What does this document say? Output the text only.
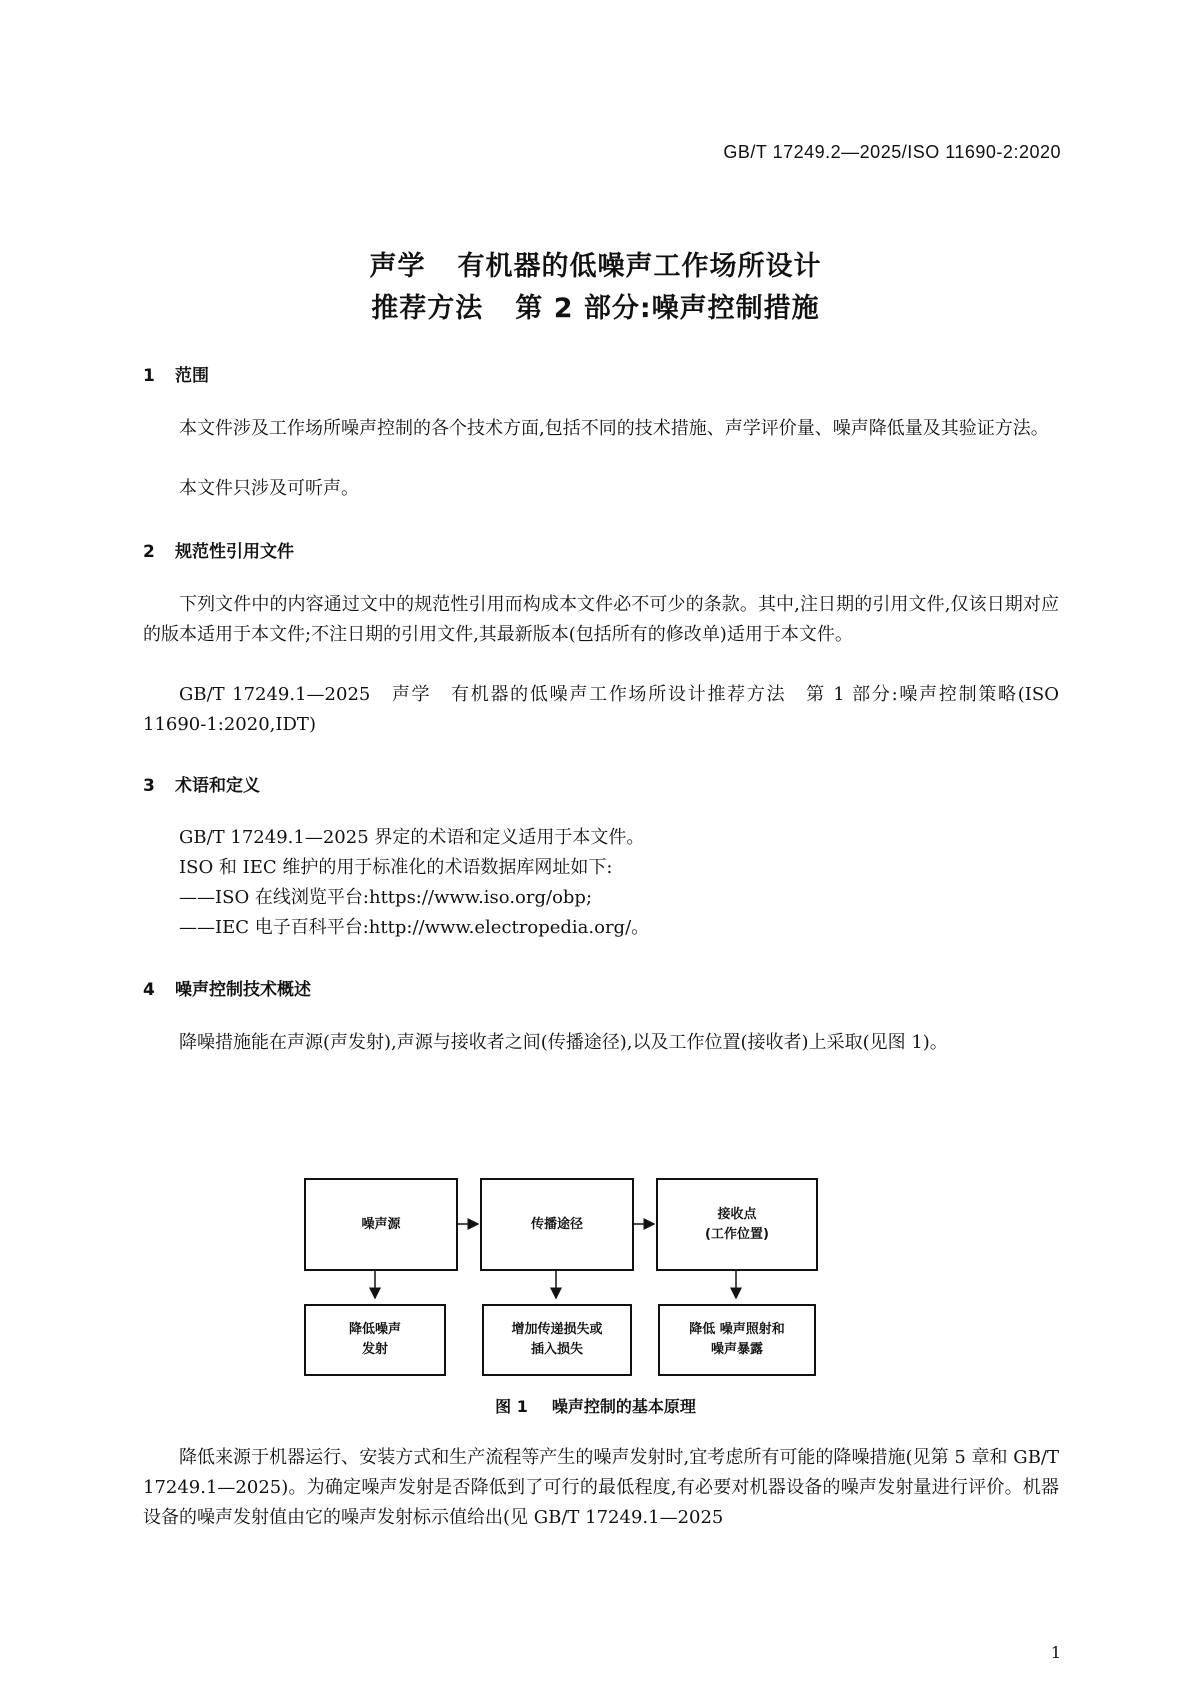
GB/T 17249.2—2025/ISO 11690-2:2020
声学 有机器的低噪声工作场所设计
推荐方法 第 2 部分:噪声控制措施
1 范围
本文件涉及工作场所噪声控制的各个技术方面,包括不同的技术措施、声学评价量、噪声降低量及其验证方法。
本文件只涉及可听声。
2 规范性引用文件
下列文件中的内容通过文中的规范性引用而构成本文件必不可少的条款。其中,注日期的引用文件,仅该日期对应的版本适用于本文件;不注日期的引用文件,其最新版本(包括所有的修改单)适用于本文件。
GB/T 17249.1—2025　声学　有机器的低噪声工作场所设计推荐方法　第 1 部分:噪声控制策略(ISO 11690-1:2020,IDT)
3 术语和定义
GB/T 17249.1—2025 界定的术语和定义适用于本文件。
ISO 和 IEC 维护的用于标准化的术语数据库网址如下:
——ISO 在线浏览平台:https://www.iso.org/obp;
——IEC 电子百科平台:http://www.electropedia.org/。
4 噪声控制技术概述
降噪措施能在声源(声发射),声源与接收者之间(传播途径),以及工作位置(接收者)上采取(见图 1)。
噪声源	传播途径
接收点
(工作位置)
降低噪声
发射
增加传递损失或
插入损失
降低 噪声照射和
噪声暴露
图 1 噪声控制的基本原理
降低来源于机器运行、安装方式和生产流程等产生的噪声发射时,宜考虑所有可能的降噪措施(见第 5 章和 GB/T 17249.1—2025)。为确定噪声发射是否降低到了可行的最低程度,有必要对机器设备的噪声发射量进行评价。机器设备的噪声发射值由它的噪声发射标示值给出(见 GB/T 17249.1—2025
1
